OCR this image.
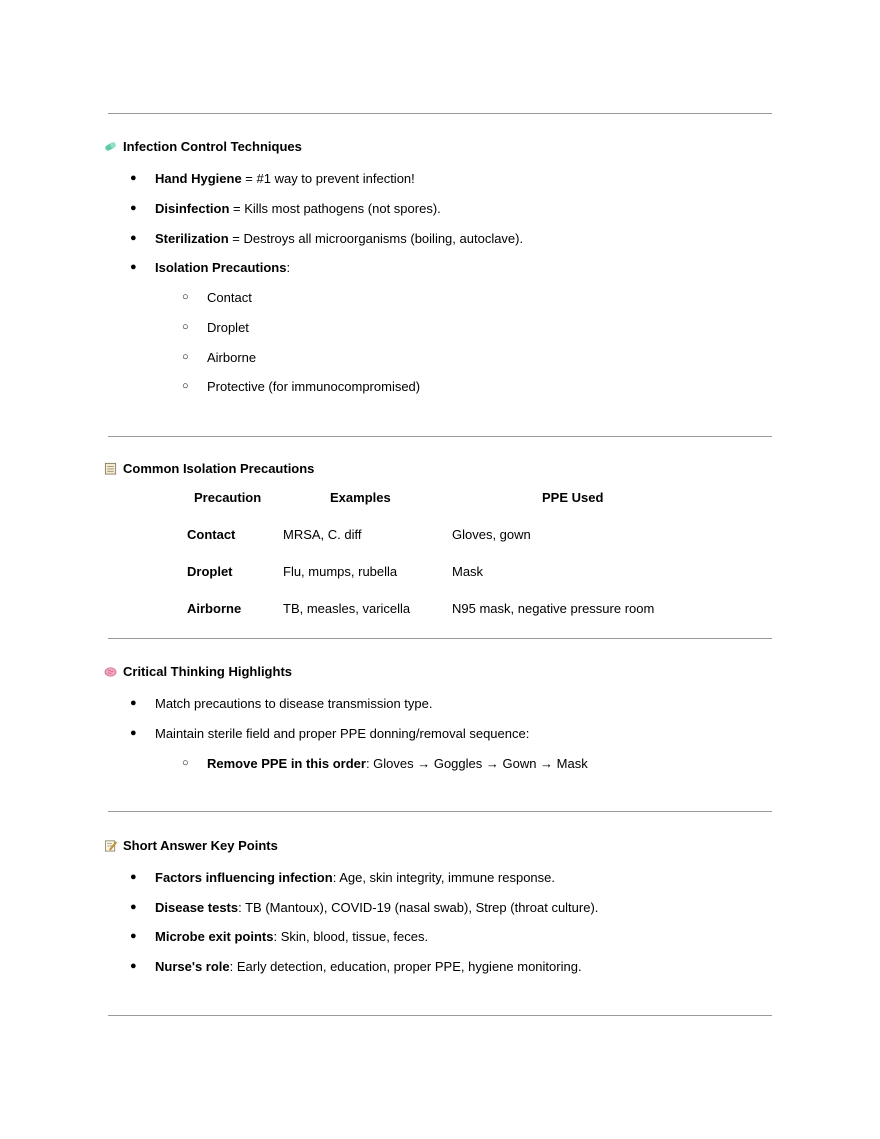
Infection Control Techniques
● Hand Hygiene = #1 way to prevent infection!
● Disinfection = Kills most pathogens (not spores).
● Sterilization = Destroys all microorganisms (boiling, autoclave).
● Isolation Precautions:
○ Contact
○ Droplet
○ Airborne
○ Protective (for immunocompromised)
Common Isolation Precautions
Precaution	Examples	PPE Used
Contact	MRSA, C. diff	Gloves, gown
Droplet	Flu, mumps, rubella	Mask
Airborne	TB, measles, varicella	N95 mask, negative pressure room
Critical Thinking Highlights
● Match precautions to disease transmission type.
● Maintain sterile field and proper PPE donning/removal sequence:
○ Remove PPE in this order: Gloves → Goggles → Gown → Mask
Short Answer Key Points
● Factors influencing infection: Age, skin integrity, immune response.
● Disease tests: TB (Mantoux), COVID-19 (nasal swab), Strep (throat culture).
● Microbe exit points: Skin, blood, tissue, feces.
● Nurse's role: Early detection, education, proper PPE, hygiene monitoring.
